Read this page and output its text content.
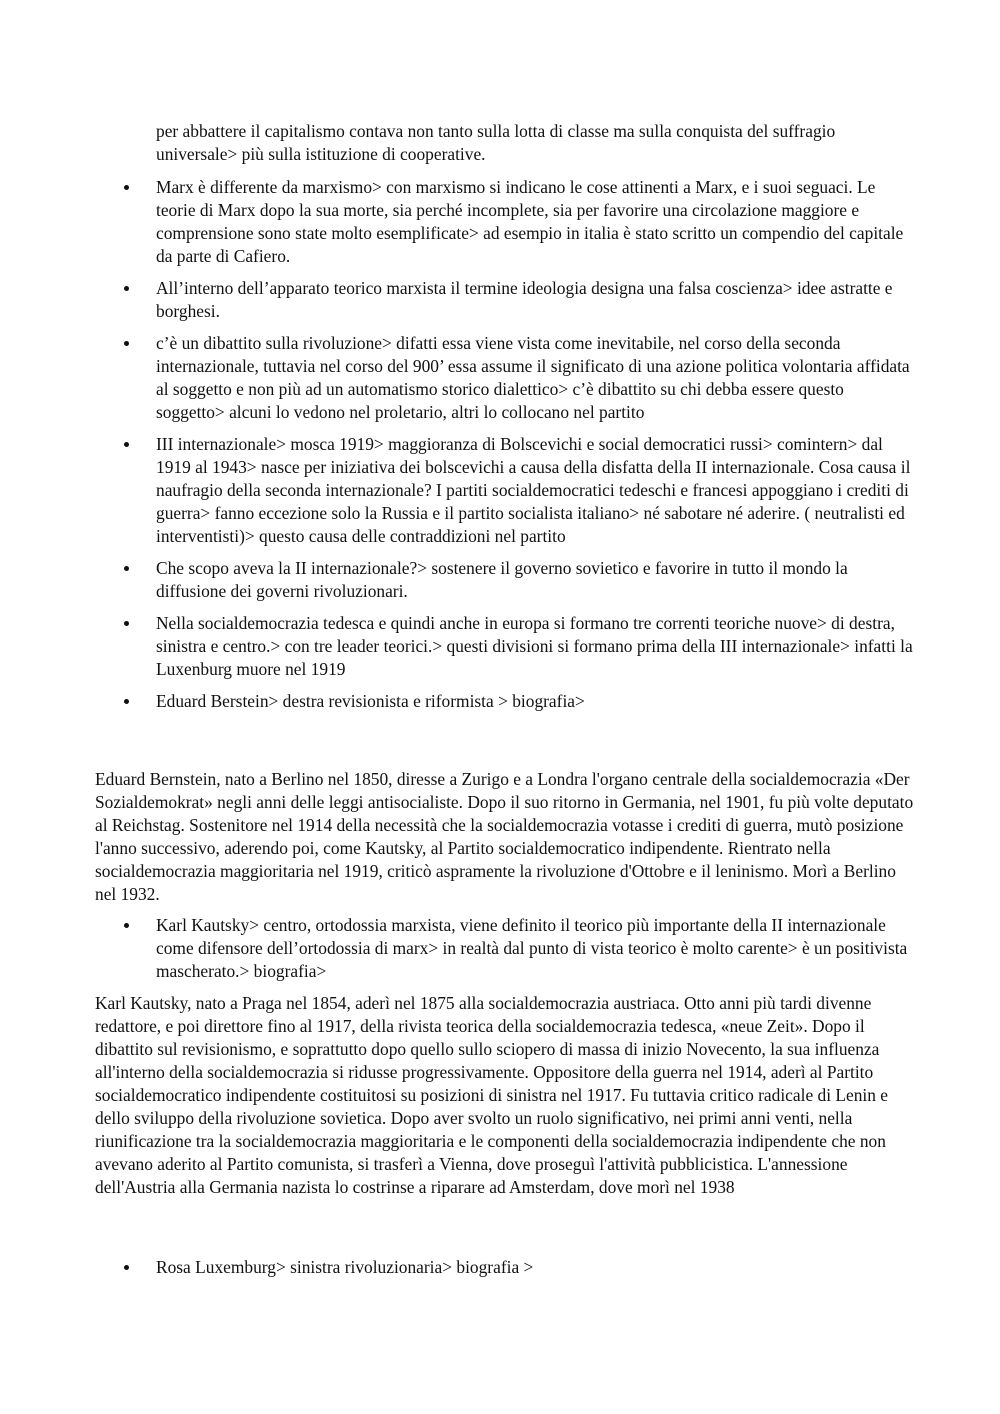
per abbattere il capitalismo contava non tanto sulla lotta di classe ma sulla conquista del suffragio universale> più sulla istituzione di cooperative.

Marx è differente da marxismo> con marxismo si indicano le cose attinenti a Marx, e i suoi seguaci. Le teorie di Marx dopo la sua morte, sia perché incomplete, sia per favorire una circolazione maggiore e comprensione sono state molto esemplificate> ad esempio in italia è stato scritto un compendio del capitale da parte di Cafiero.
All’interno dell’apparato teorico marxista il termine ideologia designa una falsa coscienza> idee astratte e borghesi.
c’è un dibattito sulla rivoluzione> difatti essa viene vista come inevitabile, nel corso della seconda internazionale, tuttavia nel corso del 900’ essa assume il significato di una azione politica volontaria affidata al soggetto e non più ad un automatismo storico dialettico> c’è dibattito su chi debba essere questo soggetto> alcuni lo vedono nel proletario, altri lo collocano nel partito
III internazionale> mosca 1919> maggioranza di Bolscevichi e social democratici russi> comintern> dal 1919 al 1943> nasce per iniziativa dei bolscevichi a causa della disfatta della II internazionale. Cosa causa il naufragio della seconda internazionale? I partiti socialdemocratici tedeschi e francesi appoggiano i crediti di guerra> fanno eccezione solo la Russia e il partito socialista italiano> né sabotare né aderire. ( neutralisti ed interventisti)> questo causa delle contraddizioni nel partito
Che scopo aveva la II internazionale?> sostenere il governo sovietico e favorire in tutto il mondo la diffusione dei governi rivoluzionari.
Nella socialdemocrazia tedesca e quindi anche in europa si formano tre correnti teoriche nuove> di destra, sinistra e centro.> con tre leader teorici.> questi divisioni si formano prima della III internazionale> infatti la Luxenburg muore nel 1919
Eduard Berstein> destra revisionista e riformista > biografia>

Eduard Bernstein, nato a Berlino nel 1850, diresse a Zurigo e a Londra l'organo centrale della socialdemocrazia «Der Sozialdemokrat» negli anni delle leggi antisocialiste. Dopo il suo ritorno in Germania, nel 1901, fu più volte deputato al Reichstag. Sostenitore nel 1914 della necessità che la socialdemocrazia votasse i crediti di guerra, mutò posizione l'anno successivo, aderendo poi, come Kautsky, al Partito socialdemocratico indipendente. Rientrato nella socialdemocrazia maggioritaria nel 1919, criticò aspramente la rivoluzione d'Ottobre e il leninismo. Morì a Berlino nel 1932.

Karl Kautsky> centro, ortodossia marxista, viene definito il teorico più importante della II internazionale come difensore dell’ortodossia di marx> in realtà dal punto di vista teorico è molto carente> è un positivista mascherato.> biografia>

Karl Kautsky, nato a Praga nel 1854, aderì nel 1875 alla socialdemocrazia austriaca. Otto anni più tardi divenne redattore, e poi direttore fino al 1917, della rivista teorica della socialdemocrazia tedesca, «neue Zeit». Dopo il dibattito sul revisionismo, e soprattutto dopo quello sullo sciopero di massa di inizio Novecento, la sua influenza all'interno della socialdemocrazia si ridusse progressivamente. Oppositore della guerra nel 1914, aderì al Partito socialdemocratico indipendente costituitosi su posizioni di sinistra nel 1917. Fu tuttavia critico radicale di Lenin e dello sviluppo della rivoluzione sovietica. Dopo aver svolto un ruolo significativo, nei primi anni venti, nella riunificazione tra la socialdemocrazia maggioritaria e le componenti della socialdemocrazia indipendente che non avevano aderito al Partito comunista, si trasferì a Vienna, dove proseguì l'attività pubblicistica. L'annessione dell'Austria alla Germania nazista lo costrinse a riparare ad Amsterdam, dove morì nel 1938

Rosa Luxemburg> sinistra rivoluzionaria> biografia >
